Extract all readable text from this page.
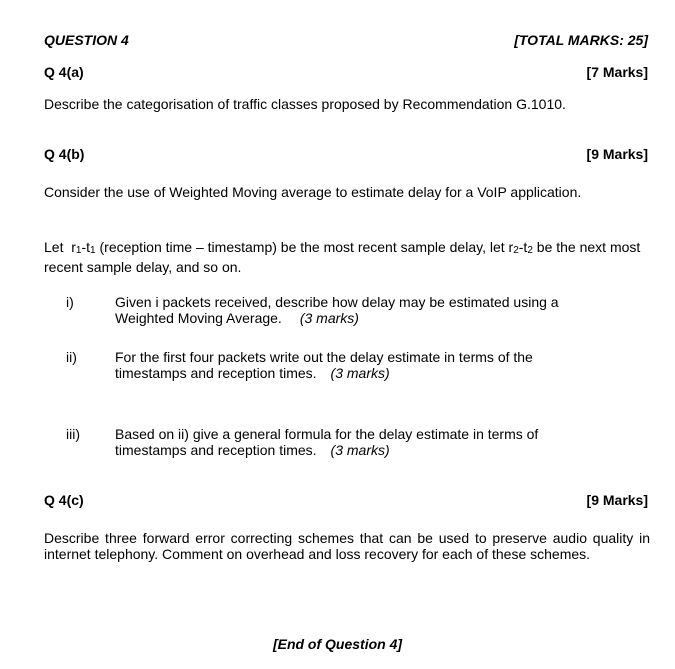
QUESTION 4	[TOTAL MARKS: 25]
Q 4(a)	[7 Marks]
Describe the categorisation of traffic classes proposed by Recommendation G.1010.
Q 4(b)	[9 Marks]
Consider the use of Weighted Moving average to estimate delay for a VoIP application.
Let  r1-t1 (reception time – timestamp) be the most recent sample delay, let r2-t2 be the next most recent sample delay, and so on.
i)	Given i packets received, describe how delay may be estimated using a
Weighted Moving Average. (3 marks)
ii)	For the first four packets write out the delay estimate in terms of the
timestamps and reception times. (3 marks)
iii)	Based on ii) give a general formula for the delay estimate in terms of
timestamps and reception times. (3 marks)
Q 4(c)	[9 Marks]
Describe three forward error correcting schemes that can be used to preserve audio quality in internet telephony. Comment on overhead and loss recovery for each of these schemes.
[End of Question 4]
